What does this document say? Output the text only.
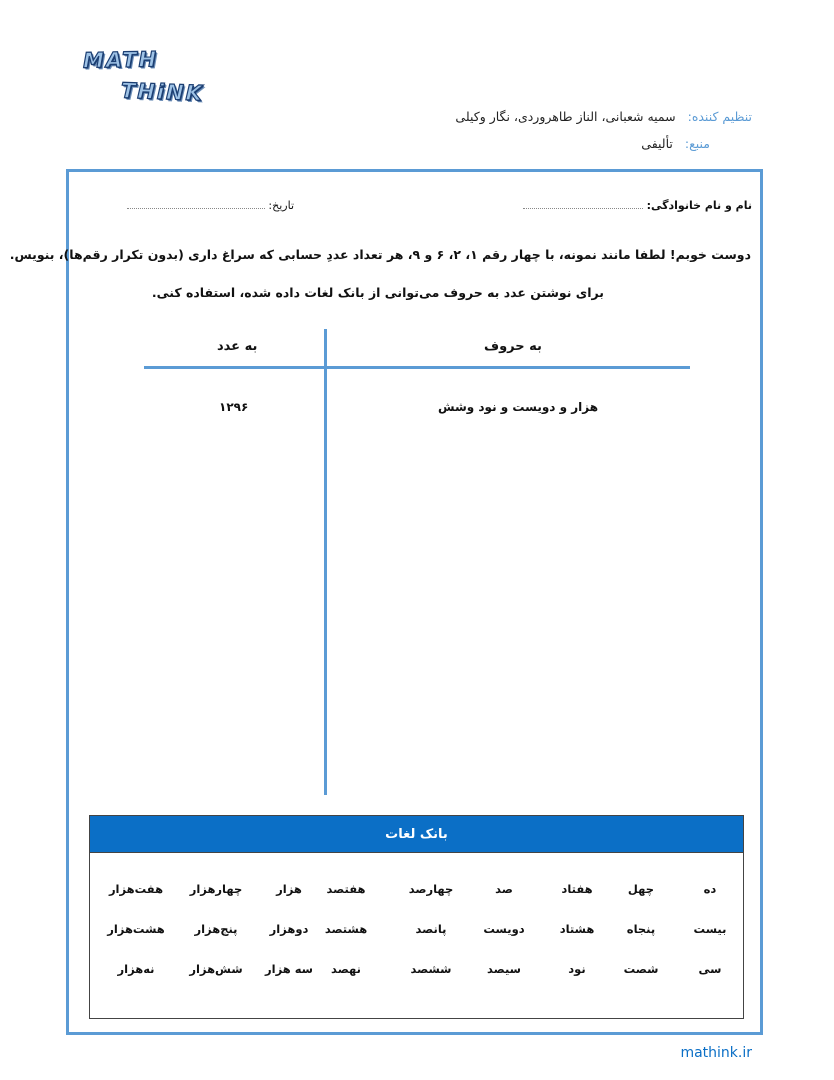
MATH
THiNK
تنظیم کننده: سمیه شعبانی، الناز طاهروردی، نگار وکیلی
منبع: تألیفی
نام و نام خانوادگی:
تاریخ:
دوست خوبم! لطفا مانند نمونه، با چهار رقم ۱، ۲، ۶ و ۹، هر تعداد عددِ حسابی که سراغ داری (بدون تکرار رقم‌ها)، بنویس.
برای نوشتن عدد به حروف می‌توانی از بانک لغات داده شده، استفاده کنی.
به حروف
به عدد
هزار و دویست و نود وشش
۱۲۹۶
بانک لغات
ده
چهل
هفتاد
صد
چهارصد
هفتصد
هزار
چهارهزار
هفت‌هزار
بیست
پنجاه
هشتاد
دویست
پانصد
هشتصد
دوهزار
پنج‌هزار
هشت‌هزار
سی
شصت
نود
سیصد
ششصد
نهصد
سه هزار
شش‌هزار
نه‌هزار
mathink.ir
